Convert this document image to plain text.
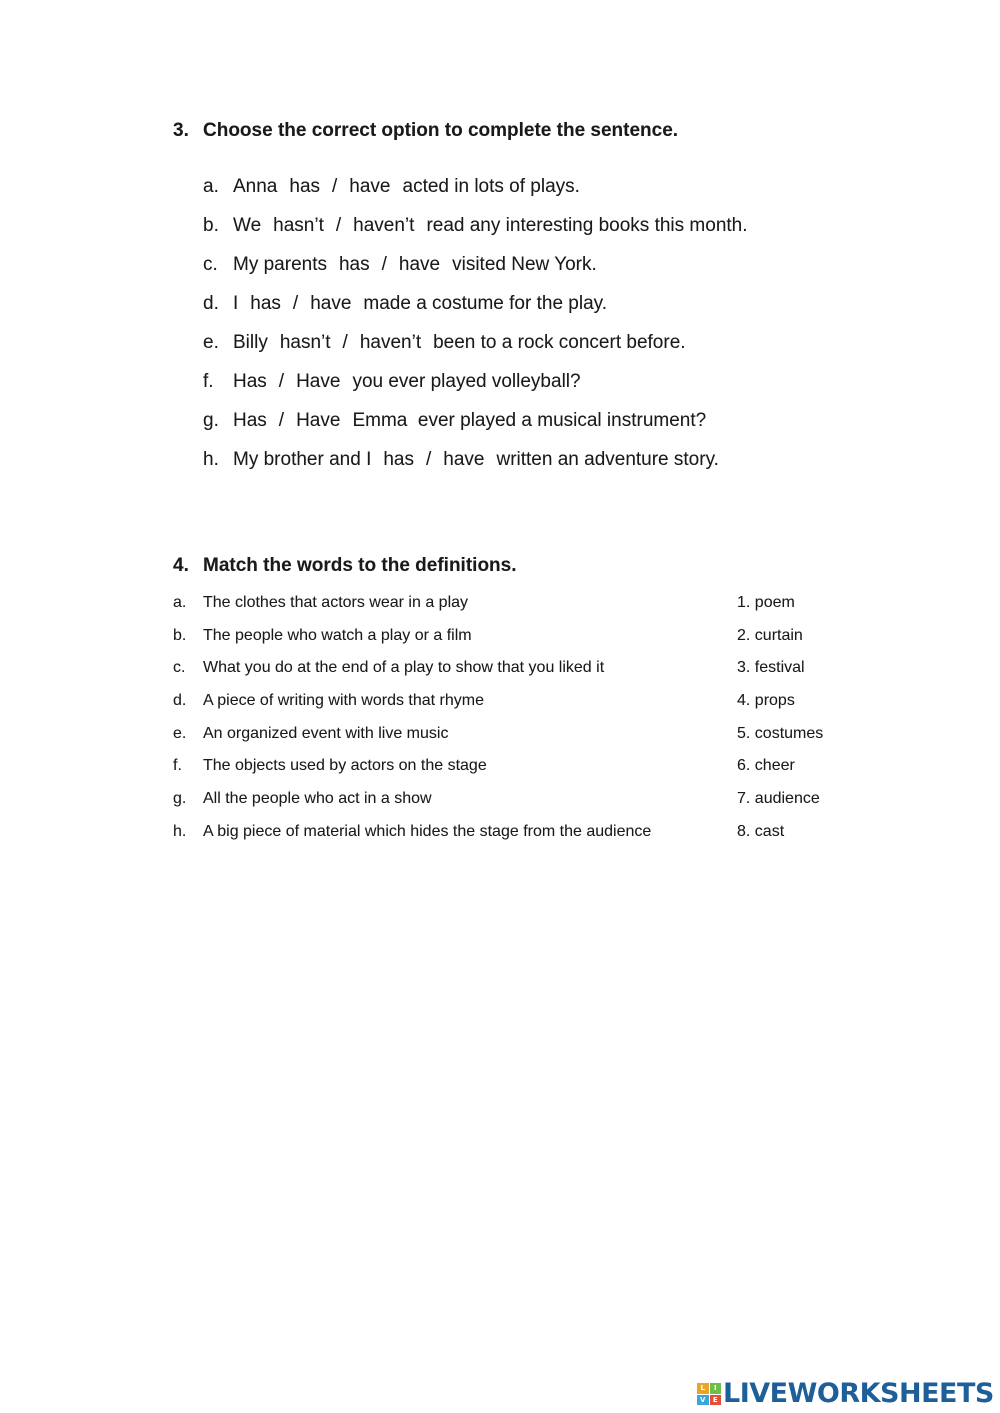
3. Choose the correct option to complete the sentence.
a. Anna has / have acted in lots of plays.
b. We hasn’t / haven’t read any interesting books this month.
c. My parents has / have visited New York.
d. I has / have made a costume for the play.
e. Billy hasn’t / haven’t been to a rock concert before.
f. Has / Have you ever played volleyball?
g. Has / Have Emma  ever played a musical instrument?
h. My brother and I has / have written an adventure story.
4. Match the words to the definitions.
a. The clothes that actors wear in a play	1. poem
b. The people who watch a play or a film	2. curtain
c. What you do at the end of a play to show that you liked it	3. festival
d. A piece of writing with words that rhyme	4. props
e. An organized event with live music	5. costumes
f. The objects used by actors on the stage	6. cheer
g. All the people who act in a show	7. audience
h. A big piece of material which hides the stage from the audience	8. cast
L	I
V	E LIVEWORKSHEETS
